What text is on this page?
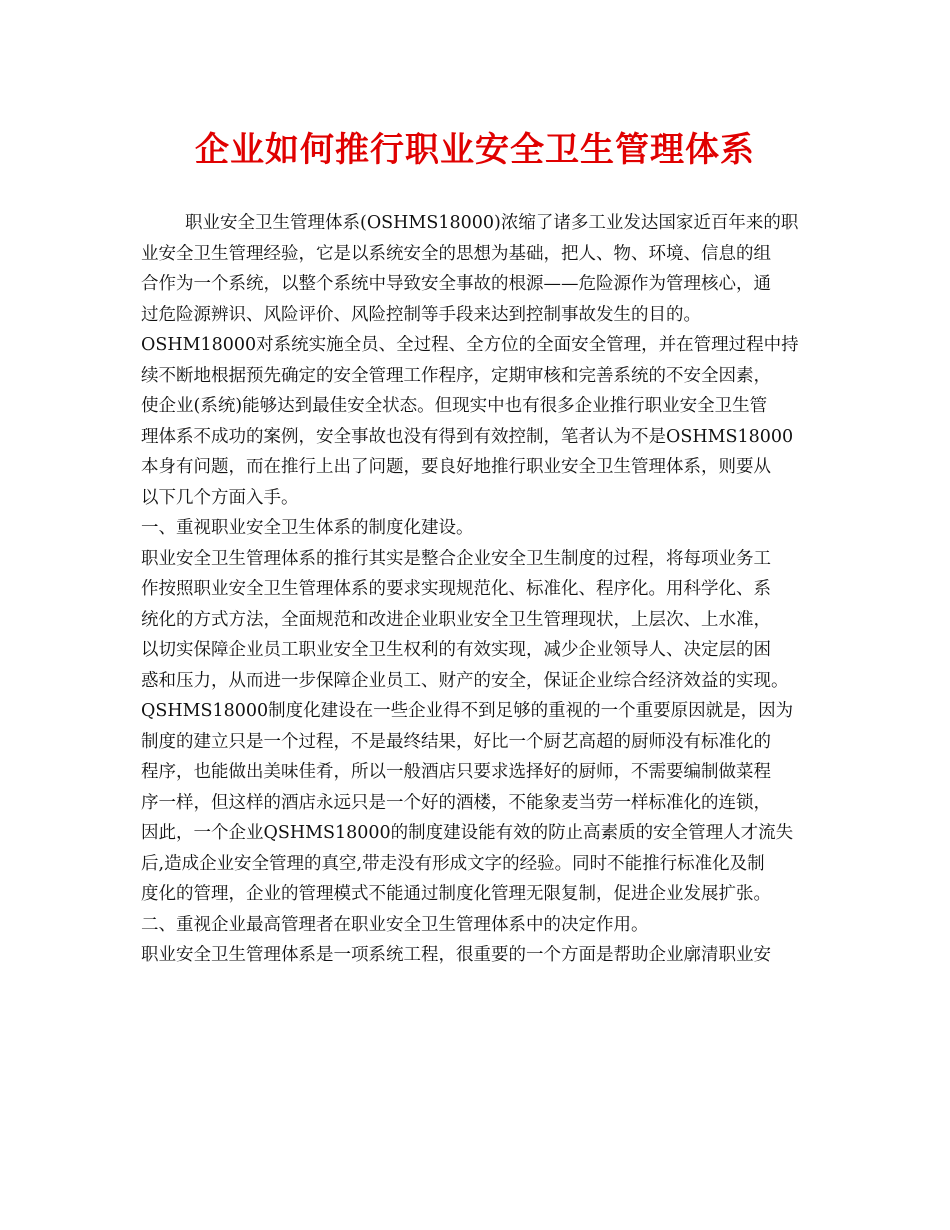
企业如何推行职业安全卫生管理体系

职业安全卫生管理体系(OSHMS18000)浓缩了诸多工业发达国家近百年来的职

业安全卫生管理经验，它是以系统安全的思想为基础，把人、物、环境、信息的组

合作为一个系统，以整个系统中导致安全事故的根源——危险源作为管理核心，通

过危险源辨识、风险评价、风险控制等手段来达到控制事故发生的目的。

OSHM18000对系统实施全员、全过程、全方位的全面安全管理，并在管理过程中持

续不断地根据预先确定的安全管理工作程序，定期审核和完善系统的不安全因素，

使企业(系统)能够达到最佳安全状态。但现实中也有很多企业推行职业安全卫生管

理体系不成功的案例，安全事故也没有得到有效控制，笔者认为不是OSHMS18000

本身有问题，而在推行上出了问题，要良好地推行职业安全卫生管理体系，则要从

以下几个方面入手。

一、重视职业安全卫生体系的制度化建设。

职业安全卫生管理体系的推行其实是整合企业安全卫生制度的过程，将每项业务工

作按照职业安全卫生管理体系的要求实现规范化、标准化、程序化。用科学化、系

统化的方式方法，全面规范和改进企业职业安全卫生管理现状，上层次、上水准，

以切实保障企业员工职业安全卫生权利的有效实现，减少企业领导人、决定层的困

惑和压力，从而进一步保障企业员工、财产的安全，保证企业综合经济效益的实现。

QSHMS18000制度化建设在一些企业得不到足够的重视的一个重要原因就是，因为

制度的建立只是一个过程，不是最终结果，好比一个厨艺高超的厨师没有标准化的

程序，也能做出美味佳肴，所以一般酒店只要求选择好的厨师，不需要编制做菜程

序一样，但这样的酒店永远只是一个好的酒楼，不能象麦当劳一样标准化的连锁，

因此，一个企业QSHMS18000的制度建设能有效的防止高素质的安全管理人才流失

后,造成企业安全管理的真空,带走没有形成文字的经验。同时不能推行标准化及制

度化的管理，企业的管理模式不能通过制度化管理无限复制，促进企业发展扩张。

二、重视企业最高管理者在职业安全卫生管理体系中的决定作用。

职业安全卫生管理体系是一项系统工程，很重要的一个方面是帮助企业廓清职业安
